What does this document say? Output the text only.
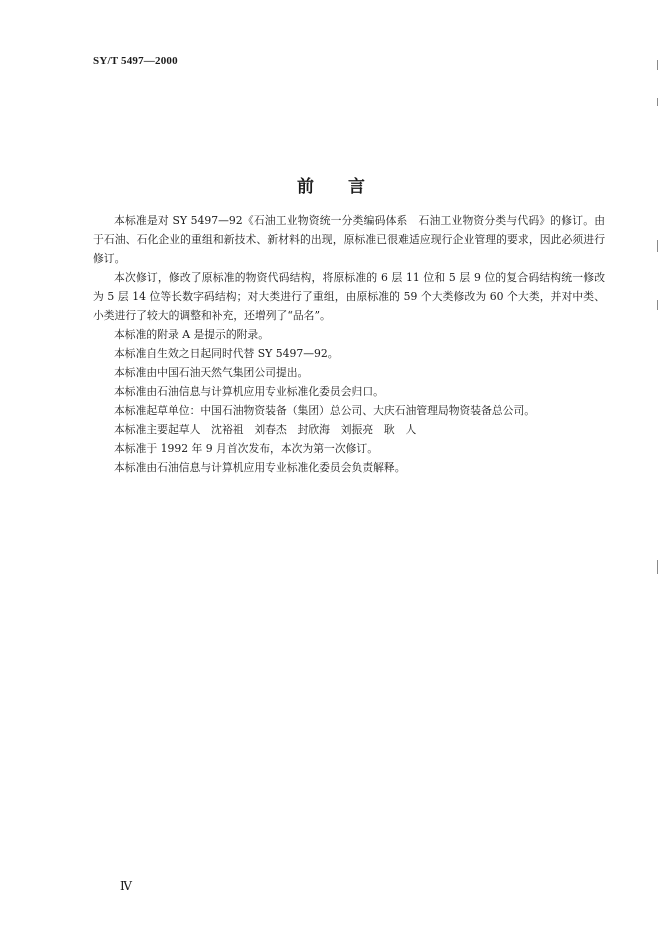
SY/T 5497—2000
前言

本标准是对 SY 5497—92《石油工业物资统一分类编码体系　石油工业物资分类与代码》的修订。由于石油、石化企业的重组和新技术、新材料的出现，原标准已很难适应现行企业管理的要求，因此必须进行修订。

本次修订，修改了原标准的物资代码结构，将原标准的 6 层 11 位和 5 层 9 位的复合码结构统一修改为 5 层 14 位等长数字码结构；对大类进行了重组，由原标准的 59 个大类修改为 60 个大类，并对中类、小类进行了较大的调整和补充，还增列了“品名”。

本标准的附录 A 是提示的附录。

本标准自生效之日起同时代替 SY 5497—92。

本标准由中国石油天然气集团公司提出。

本标准由石油信息与计算机应用专业标准化委员会归口。

本标准起草单位：中国石油物资装备（集团）总公司、大庆石油管理局物资装备总公司。

本标准主要起草人　沈裕祖　刘春杰　封欣海　刘振亮　耿　人

本标准于 1992 年 9 月首次发布，本次为第一次修订。

本标准由石油信息与计算机应用专业标准化委员会负责解释。

Ⅳ
